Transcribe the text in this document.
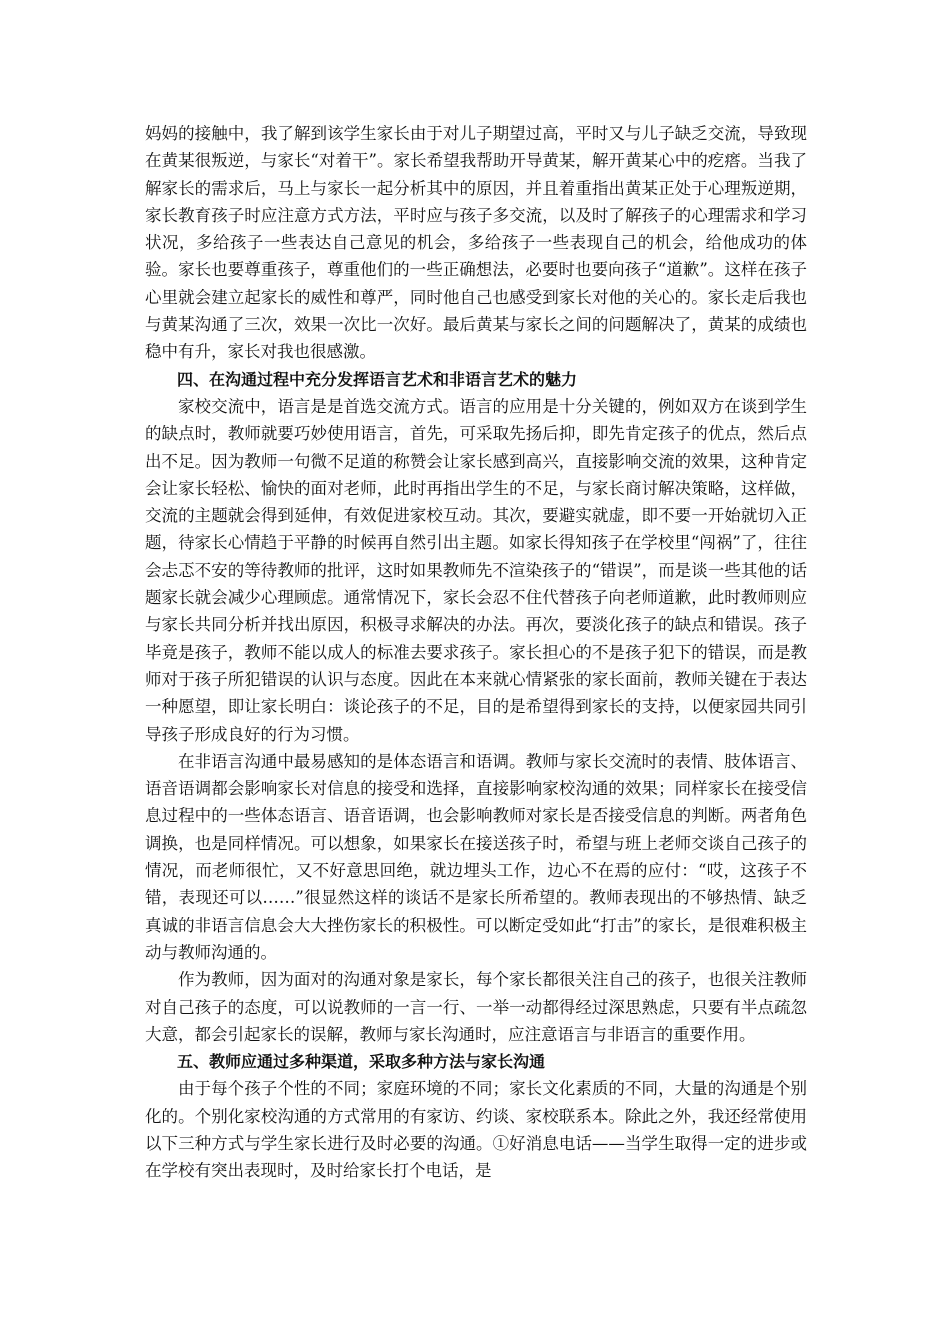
妈妈的接触中，我了解到该学生家长由于对儿子期望过高，平时又与儿子缺乏交流，导致现在黄某很叛逆，与家长“对着干”。家长希望我帮助开导黄某，解开黄某心中的疙瘩。当我了解家长的需求后，马上与家长一起分析其中的原因，并且着重指出黄某正处于心理叛逆期，家长教育孩子时应注意方式方法，平时应与孩子多交流，以及时了解孩子的心理需求和学习状况，多给孩子一些表达自己意见的机会，多给孩子一些表现自己的机会，给他成功的体验。家长也要尊重孩子，尊重他们的一些正确想法，必要时也要向孩子“道歉”。这样在孩子心里就会建立起家长的威性和尊严，同时他自己也感受到家长对他的关心的。家长走后我也与黄某沟通了三次，效果一次比一次好。最后黄某与家长之间的问题解决了，黄某的成绩也稳中有升，家长对我也很感激。

四、在沟通过程中充分发挥语言艺术和非语言艺术的魅力

家校交流中，语言是是首选交流方式。语言的应用是十分关键的，例如双方在谈到学生的缺点时，教师就要巧妙使用语言，首先，可采取先扬后抑，即先肯定孩子的优点，然后点出不足。因为教师一句微不足道的称赞会让家长感到高兴，直接影响交流的效果，这种肯定会让家长轻松、愉快的面对老师，此时再指出学生的不足，与家长商讨解决策略，这样做，交流的主题就会得到延伸，有效促进家校互动。其次，要避实就虚，即不要一开始就切入正题，待家长心情趋于平静的时候再自然引出主题。如家长得知孩子在学校里“闯祸”了，往往会忐忑不安的等待教师的批评，这时如果教师先不渲染孩子的“错误”，而是谈一些其他的话题家长就会减少心理顾虑。通常情况下，家长会忍不住代替孩子向老师道歉，此时教师则应与家长共同分析并找出原因，积极寻求解决的办法。再次，要淡化孩子的缺点和错误。孩子毕竟是孩子，教师不能以成人的标准去要求孩子。家长担心的不是孩子犯下的错误，而是教师对于孩子所犯错误的认识与态度。因此在本来就心情紧张的家长面前，教师关键在于表达一种愿望，即让家长明白：谈论孩子的不足，目的是希望得到家长的支持，以便家园共同引导孩子形成良好的行为习惯。

在非语言沟通中最易感知的是体态语言和语调。教师与家长交流时的表情、肢体语言、语音语调都会影响家长对信息的接受和选择，直接影响家校沟通的效果；同样家长在接受信息过程中的一些体态语言、语音语调，也会影响教师对家长是否接受信息的判断。两者角色调换，也是同样情况。可以想象，如果家长在接送孩子时，希望与班上老师交谈自己孩子的情况，而老师很忙，又不好意思回绝，就边埋头工作，边心不在焉的应付：“哎，这孩子不错，表现还可以……”很显然这样的谈话不是家长所希望的。教师表现出的不够热情、缺乏真诚的非语言信息会大大挫伤家长的积极性。可以断定受如此“打击”的家长，是很难积极主动与教师沟通的。

作为教师，因为面对的沟通对象是家长，每个家长都很关注自己的孩子，也很关注教师对自己孩子的态度，可以说教师的一言一行、一举一动都得经过深思熟虑，只要有半点疏忽大意，都会引起家长的误解，教师与家长沟通时，应注意语言与非语言的重要作用。

五、教师应通过多种渠道，采取多种方法与家长沟通

由于每个孩子个性的不同；家庭环境的不同；家长文化素质的不同，大量的沟通是个别化的。个别化家校沟通的方式常用的有家访、约谈、家校联系本。除此之外，我还经常使用以下三种方式与学生家长进行及时必要的沟通。①好消息电话——当学生取得一定的进步或在学校有突出表现时，及时给家长打个电话，是
